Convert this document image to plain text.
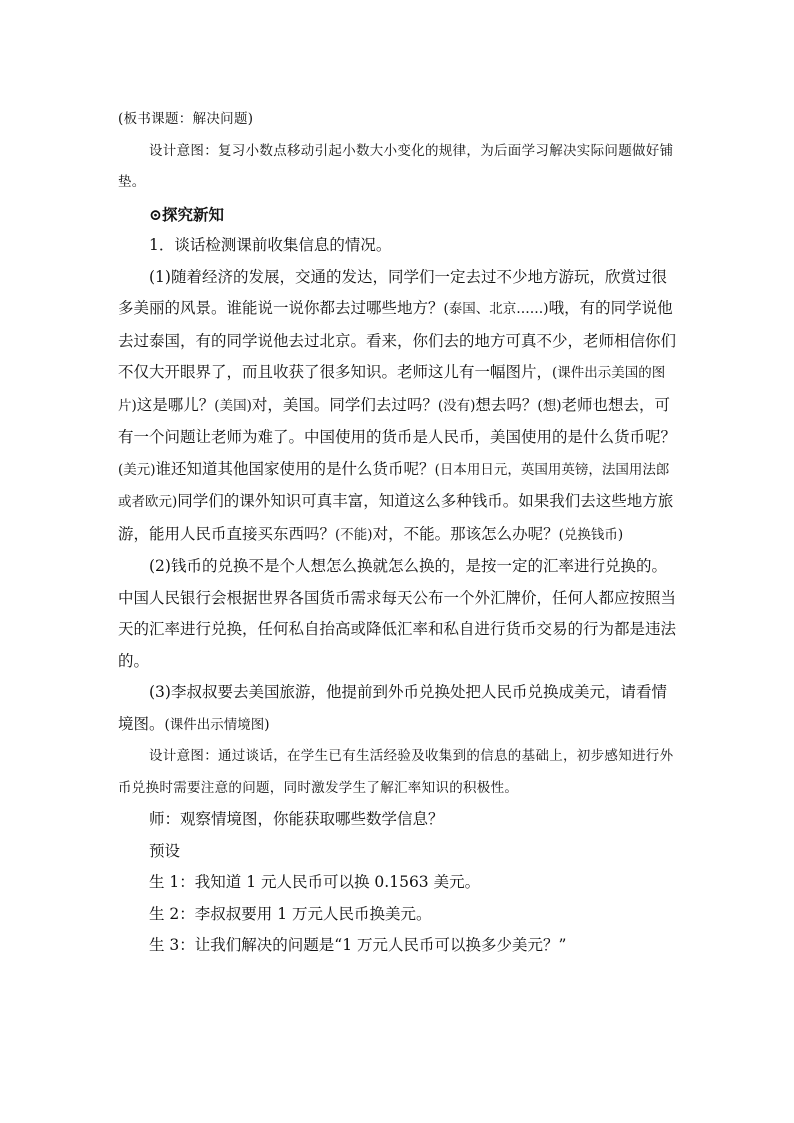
(板书课题：解决问题)

设计意图：复习小数点移动引起小数大小变化的规律，为后面学习解决实际问题做好铺垫。

⊙探究新知

1．谈话检测课前收集信息的情况。

(1)随着经济的发展，交通的发达，同学们一定去过不少地方游玩，欣赏过很多美丽的风景。谁能说一说你都去过哪些地方？(泰国、北京……)哦，有的同学说他去过泰国，有的同学说他去过北京。看来，你们去的地方可真不少，老师相信你们不仅大开眼界了，而且收获了很多知识。老师这儿有一幅图片，(课件出示美国的图片)这是哪儿？(美国)对，美国。同学们去过吗？(没有)想去吗？(想)老师也想去，可有一个问题让老师为难了。中国使用的货币是人民币，美国使用的是什么货币呢？(美元)谁还知道其他国家使用的是什么货币呢？(日本用日元，英国用英镑，法国用法郎或者欧元)同学们的课外知识可真丰富，知道这么多种钱币。如果我们去这些地方旅游，能用人民币直接买东西吗？(不能)对，不能。那该怎么办呢？(兑换钱币)

(2)钱币的兑换不是个人想怎么换就怎么换的，是按一定的汇率进行兑换的。中国人民银行会根据世界各国货币需求每天公布一个外汇牌价，任何人都应按照当天的汇率进行兑换，任何私自抬高或降低汇率和私自进行货币交易的行为都是违法的。

(3)李叔叔要去美国旅游，他提前到外币兑换处把人民币兑换成美元，请看情境图。(课件出示情境图)

设计意图：通过谈话，在学生已有生活经验及收集到的信息的基础上，初步感知进行外币兑换时需要注意的问题，同时激发学生了解汇率知识的积极性。

师：观察情境图，你能获取哪些数学信息？

预设

生 1：我知道 1 元人民币可以换 0.1563 美元。

生 2：李叔叔要用 1 万元人民币换美元。

生 3：让我们解决的问题是“1 万元人民币可以换多少美元？”
